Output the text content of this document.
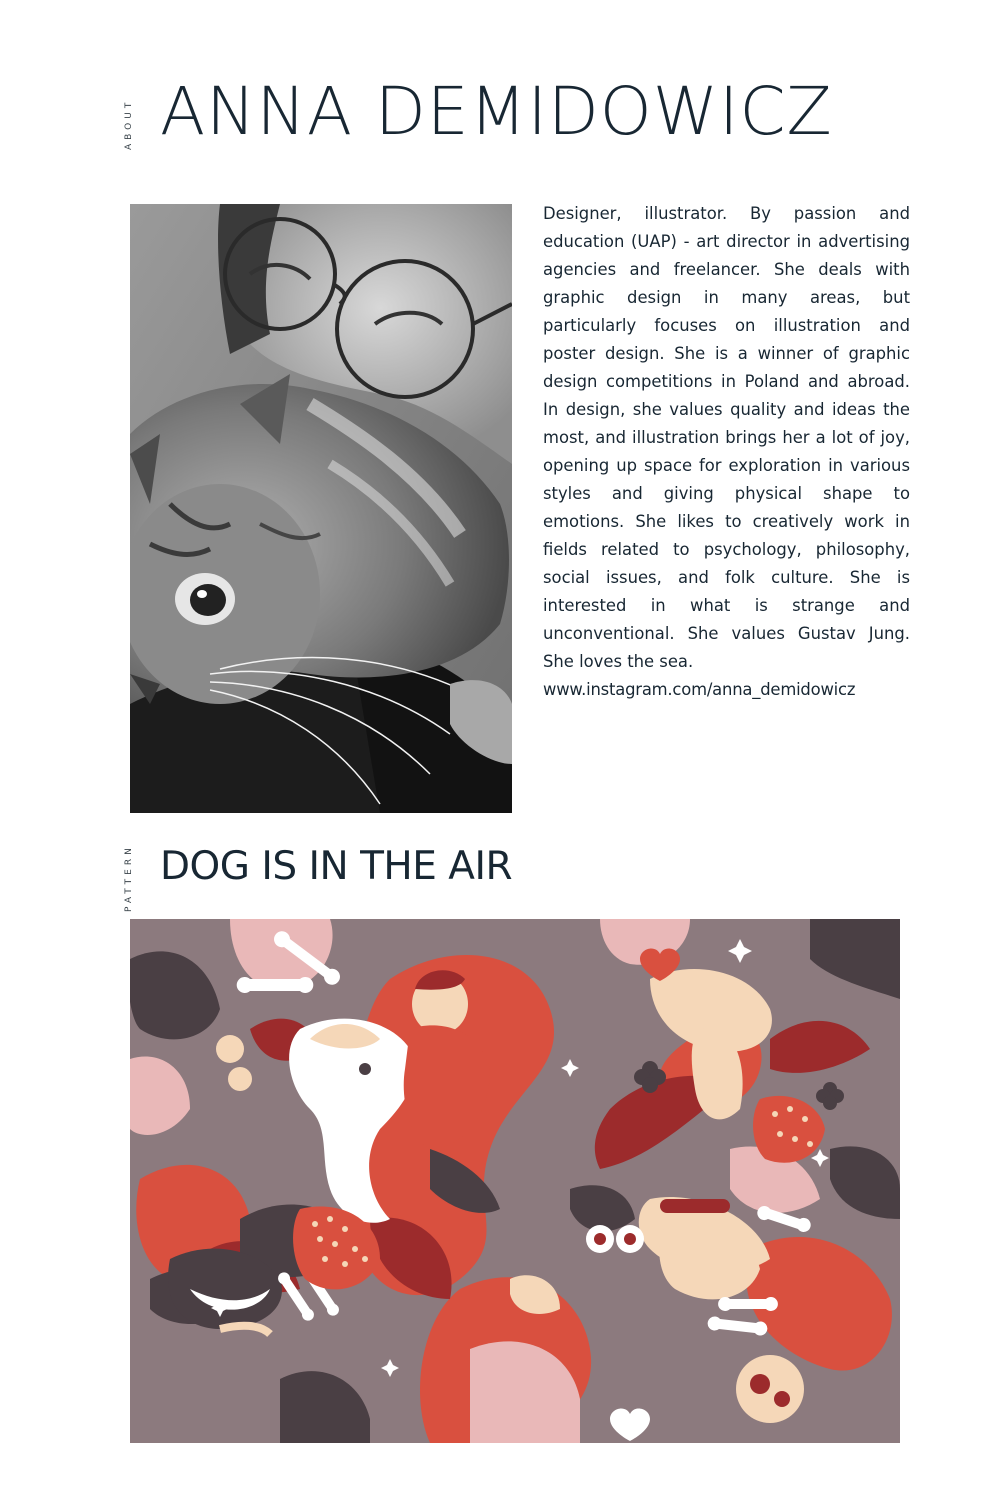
ABOUT ANNA DEMIDOWICZ

Designer, illustrator. By passion and education (UAP) - art director in advertising agencies and freelancer. She deals with graphic design in many areas, but particularly focuses on illustration and poster design. She is a winner of graphic design competitions in Poland and abroad. In design, she values quality and ideas the most, and illustration brings her a lot of joy, opening up space for exploration in various styles and giving physical shape to emotions. She likes to creatively work in fields related to psychology, philosophy, social issues, and folk culture. She is interested in what is strange and unconventional. She values Gustav Jung. She loves the sea.

www.instagram.com/anna_demidowicz

PATTERN DOG IS IN THE AIR
